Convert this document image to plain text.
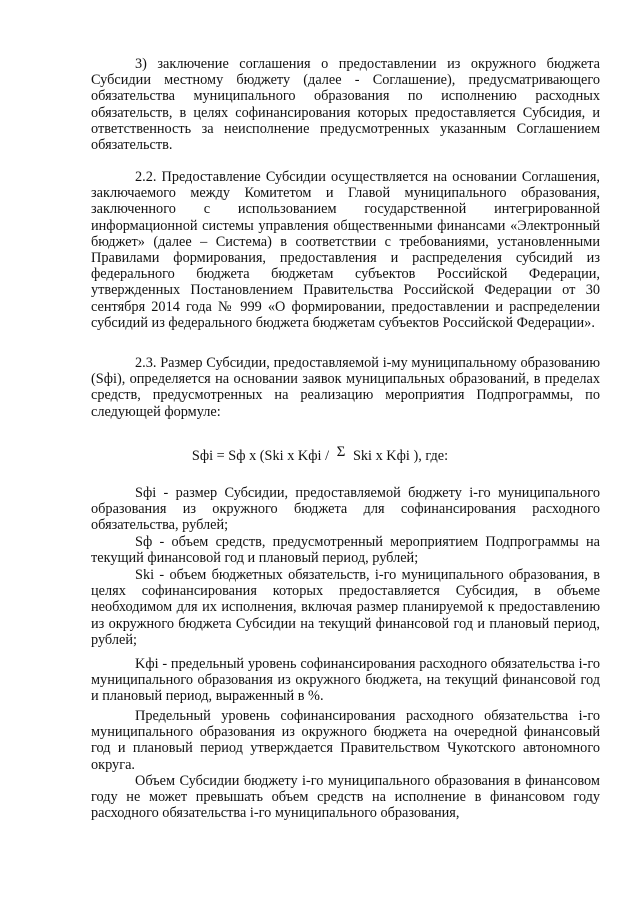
3) заключение соглашения о предоставлении из окружного бюджета Субсидии местному бюджету (далее - Соглашение), предусматривающего обязательства муниципального образования по исполнению расходных обязательств, в целях софинансирования которых предоставляется Субсидия, и ответственность за неисполнение предусмотренных указанным Соглашением обязательств.

2.2. Предоставление Субсидии осуществляется на основании Соглашения, заключаемого между Комитетом и Главой муниципального образования, заключенного с использованием государственной интегрированной информационной системы управления общественными финансами «Электронный бюджет» (далее – Система) в соответствии с требованиями, установленными Правилами формирования, предоставления и распределения субсидий из федерального бюджета бюджетам субъектов Российской Федерации, утвержденных Постановлением Правительства Российской Федерации от 30 сентября 2014 года № 999 «О формировании, предоставлении и распределении субсидий из федерального бюджета бюджетам субъектов Российской Федерации».

2.3. Размер Субсидии, предоставляемой i-му муниципальному образованию (Sфi), определяется на основании заявок муниципальных образований, в пределах средств, предусмотренных на реализацию мероприятия Подпрограммы, по следующей формуле:

Sфi = Sф x (Ski x Kфi / Σ Ski x Kфi ), где:

Sфi - размер Субсидии, предоставляемой бюджету i-го муниципального образования из окружного бюджета для софинансирования расходного обязательства, рублей;

Sф - объем средств, предусмотренный мероприятием Подпрограммы на текущий финансовой год и плановый период, рублей;

Ski - объем бюджетных обязательств, i-го муниципального образования, в целях софинансирования которых предоставляется Субсидия, в объеме необходимом для их исполнения, включая размер планируемой к предоставлению из окружного бюджета Субсидии на текущий финансовой год и плановый период, рублей;

Kфi - предельный уровень софинансирования расходного обязательства i-го муниципального образования из окружного бюджета, на текущий финансовой год и плановый период, выраженный в %.

Предельный уровень софинансирования расходного обязательства i-го муниципального образования из окружного бюджета на очередной финансовый год и плановый период утверждается Правительством Чукотского автономного округа.

Объем Субсидии бюджету i-го муниципального образования в финансовом году не может превышать объем средств на исполнение в финансовом году расходного обязательства i-го муниципального образования,
